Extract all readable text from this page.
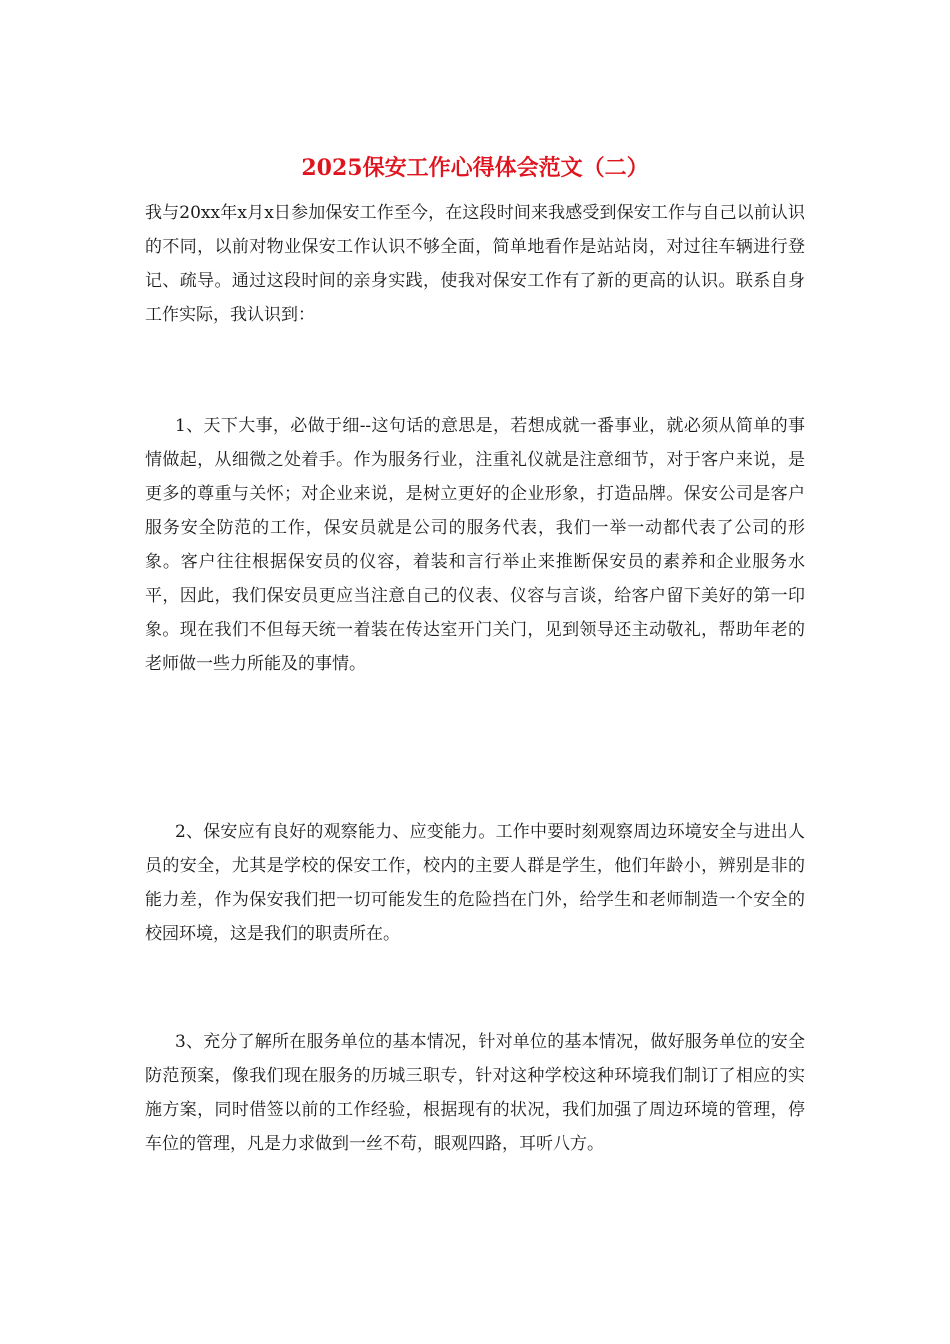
2025保安工作心得体会范文（二）

我与20xx年x月x日参加保安工作至今，在这段时间来我感受到保安工作与自己以前认识的不同，以前对物业保安工作认识不够全面，简单地看作是站站岗，对过往车辆进行登记、疏导。通过这段时间的亲身实践，使我对保安工作有了新的更高的认识。联系自身工作实际，我认识到：

1、天下大事，必做于细--这句话的意思是，若想成就一番事业，就必须从简单的事情做起，从细微之处着手。作为服务行业，注重礼仪就是注意细节，对于客户来说，是更多的尊重与关怀；对企业来说，是树立更好的企业形象，打造品牌。保安公司是客户服务安全防范的工作，保安员就是公司的服务代表，我们一举一动都代表了公司的形象。客户往往根据保安员的仪容，着装和言行举止来推断保安员的素养和企业服务水平，因此，我们保安员更应当注意自己的仪表、仪容与言谈，给客户留下美好的第一印象。现在我们不但每天统一着装在传达室开门关门，见到领导还主动敬礼，帮助年老的老师做一些力所能及的事情。

2、保安应有良好的观察能力、应变能力。工作中要时刻观察周边环境安全与进出人员的安全，尤其是学校的保安工作，校内的主要人群是学生，他们年龄小，辨别是非的能力差，作为保安我们把一切可能发生的危险挡在门外，给学生和老师制造一个安全的校园环境，这是我们的职责所在。

3、充分了解所在服务单位的基本情况，针对单位的基本情况，做好服务单位的安全防范预案，像我们现在服务的历城三职专，针对这种学校这种环境我们制订了相应的实施方案，同时借签以前的工作经验，根据现有的状况，我们加强了周边环境的管理，停车位的管理，凡是力求做到一丝不苟，眼观四路，耳听八方。
